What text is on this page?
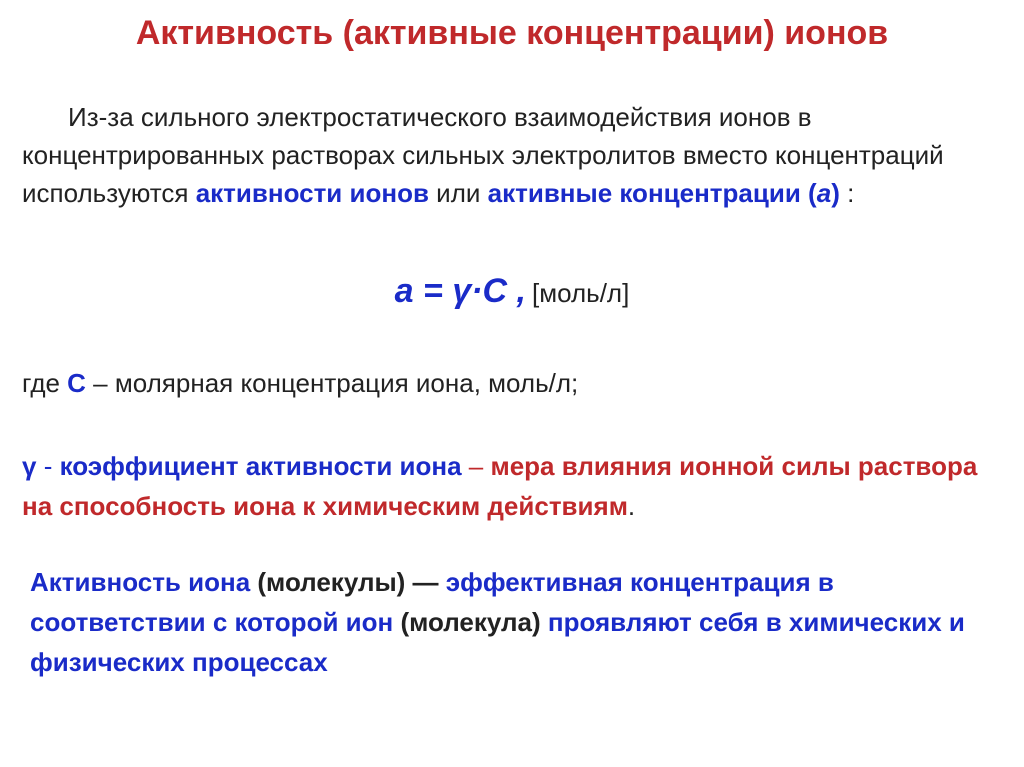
Активность (активные концентрации) ионов
Из-за сильного электростатического взаимодействия ионов в концентрированных растворах сильных электролитов вместо концентраций используются активности ионов или активные концентрации (a) :
a = γ·C , [моль/л]
где С – молярная концентрация иона, моль/л;
γ - коэффициент активности иона – мера влияния ионной силы раствора на способность иона к химическим действиям.
Активность иона (молекулы) — эффективная концентрация в соответствии с которой ион (молекула) проявляют себя в химических и физических процессах
